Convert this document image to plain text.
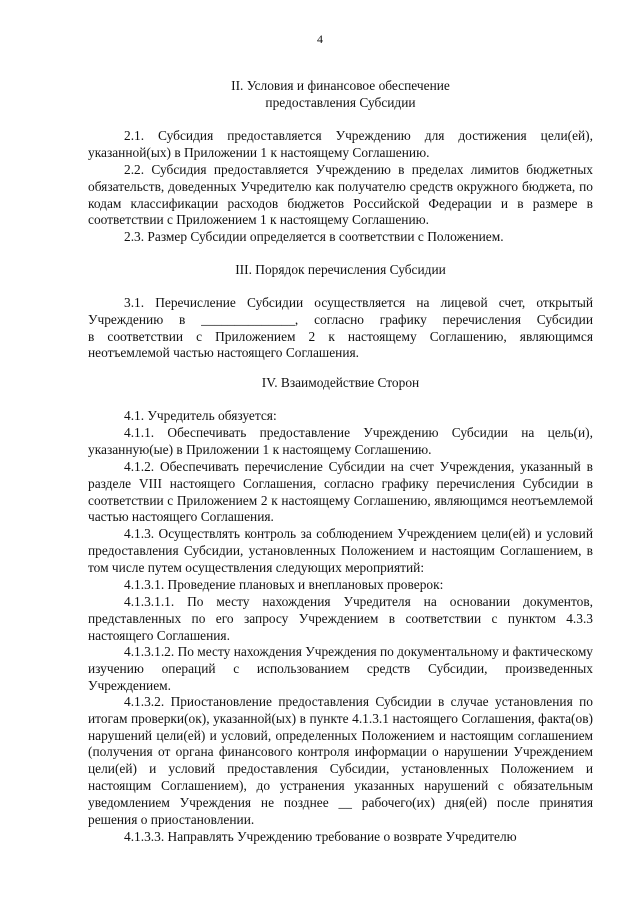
4
II. Условия и финансовое обеспечение
предоставления Субсидии

2.1. Субсидия предоставляется Учреждению для достижения цели(ей), указанной(ых) в Приложении 1 к настоящему Соглашению.

2.2. Субсидия предоставляется Учреждению в пределах лимитов бюджетных обязательств, доведенных Учредителю как получателю средств окружного бюджета, по кодам классификации расходов бюджетов Российской Федерации и в размере в соответствии с Приложением 1 к настоящему Соглашению.

2.3. Размер Субсидии определяется в соответствии с Положением.

III. Порядок перечисления Субсидии
3.1. Перечисление Субсидии осуществляется на лицевой счет, открытый
Учреждению в ______________, согласно графику перечисления Субсидии
в соответствии с Приложением 2 к настоящему Соглашению, являющимся
неотъемлемой частью настоящего Соглашения.
IV. Взаимодействие Сторон

4.1. Учредитель обязуется:

4.1.1. Обеспечивать предоставление Учреждению Субсидии на цель(и), указанную(ые) в Приложении 1 к настоящему Соглашению.

4.1.2. Обеспечивать перечисление Субсидии на счет Учреждения, указанный в разделе VIII настоящего Соглашения, согласно графику перечисления Субсидии в соответствии с Приложением 2 к настоящему Соглашению, являющимся неотъемлемой частью настоящего Соглашения.

4.1.3. Осуществлять контроль за соблюдением Учреждением цели(ей) и условий предоставления Субсидии, установленных Положением и настоящим Соглашением, в том числе путем осуществления следующих мероприятий:

4.1.3.1. Проведение плановых и внеплановых проверок:

4.1.3.1.1. По месту нахождения Учредителя на основании документов, представленных по его запросу Учреждением в соответствии с пунктом 4.3.3 настоящего Соглашения.

4.1.3.1.2. По месту нахождения Учреждения по документальному и фактическому изучению операций с использованием средств Субсидии, произведенных Учреждением.

4.1.3.2. Приостановление предоставления Субсидии в случае установления по итогам проверки(ок), указанной(ых) в пункте 4.1.3.1 настоящего Соглашения, факта(ов) нарушений цели(ей) и условий, определенных Положением и настоящим соглашением (получения от органа финансового контроля информации о нарушении Учреждением цели(ей) и условий предоставления Субсидии, установленных Положением и настоящим Соглашением), до устранения указанных нарушений с обязательным уведомлением Учреждения не позднее __ рабочего(их) дня(ей) после принятия решения о приостановлении.

4.1.3.3. Направлять Учреждению требование о возврате Учредителю
